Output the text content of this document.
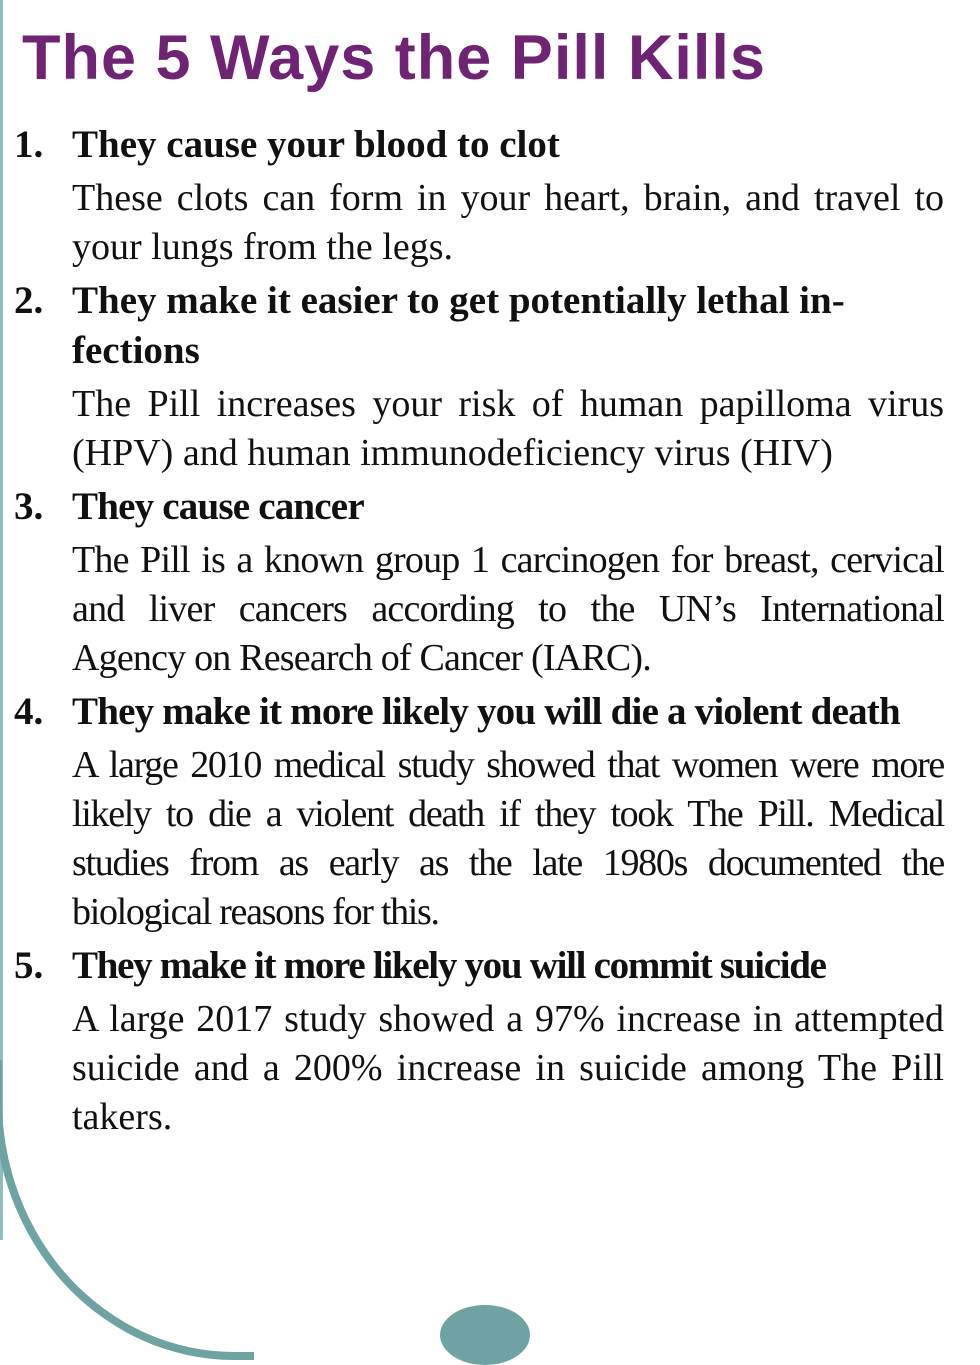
The 5 Ways the Pill Kills
1. They cause your blood to clot

These clots can form in your heart, brain, and travel to your lungs from the legs.

2. They make it easier to get potentially lethal in-fections

The Pill increases your risk of human papilloma virus (HPV) and human immunodeficiency virus (HIV)

3. They cause cancer

The Pill is a known group 1 carcinogen for breast, cervical and liver cancers according to the UN’s International Agency on Research of Cancer (IARC).

4. They make it more likely you will die a violent death

A large 2010 medical study showed that women were more likely to die a violent death if they took The Pill. Medical studies from as early as the late 1980s documented the biological reasons for this.

5. They make it more likely you will commit suicide

A large 2017 study showed a 97% increase in attempted suicide and a 200% increase in suicide among The Pill takers.
